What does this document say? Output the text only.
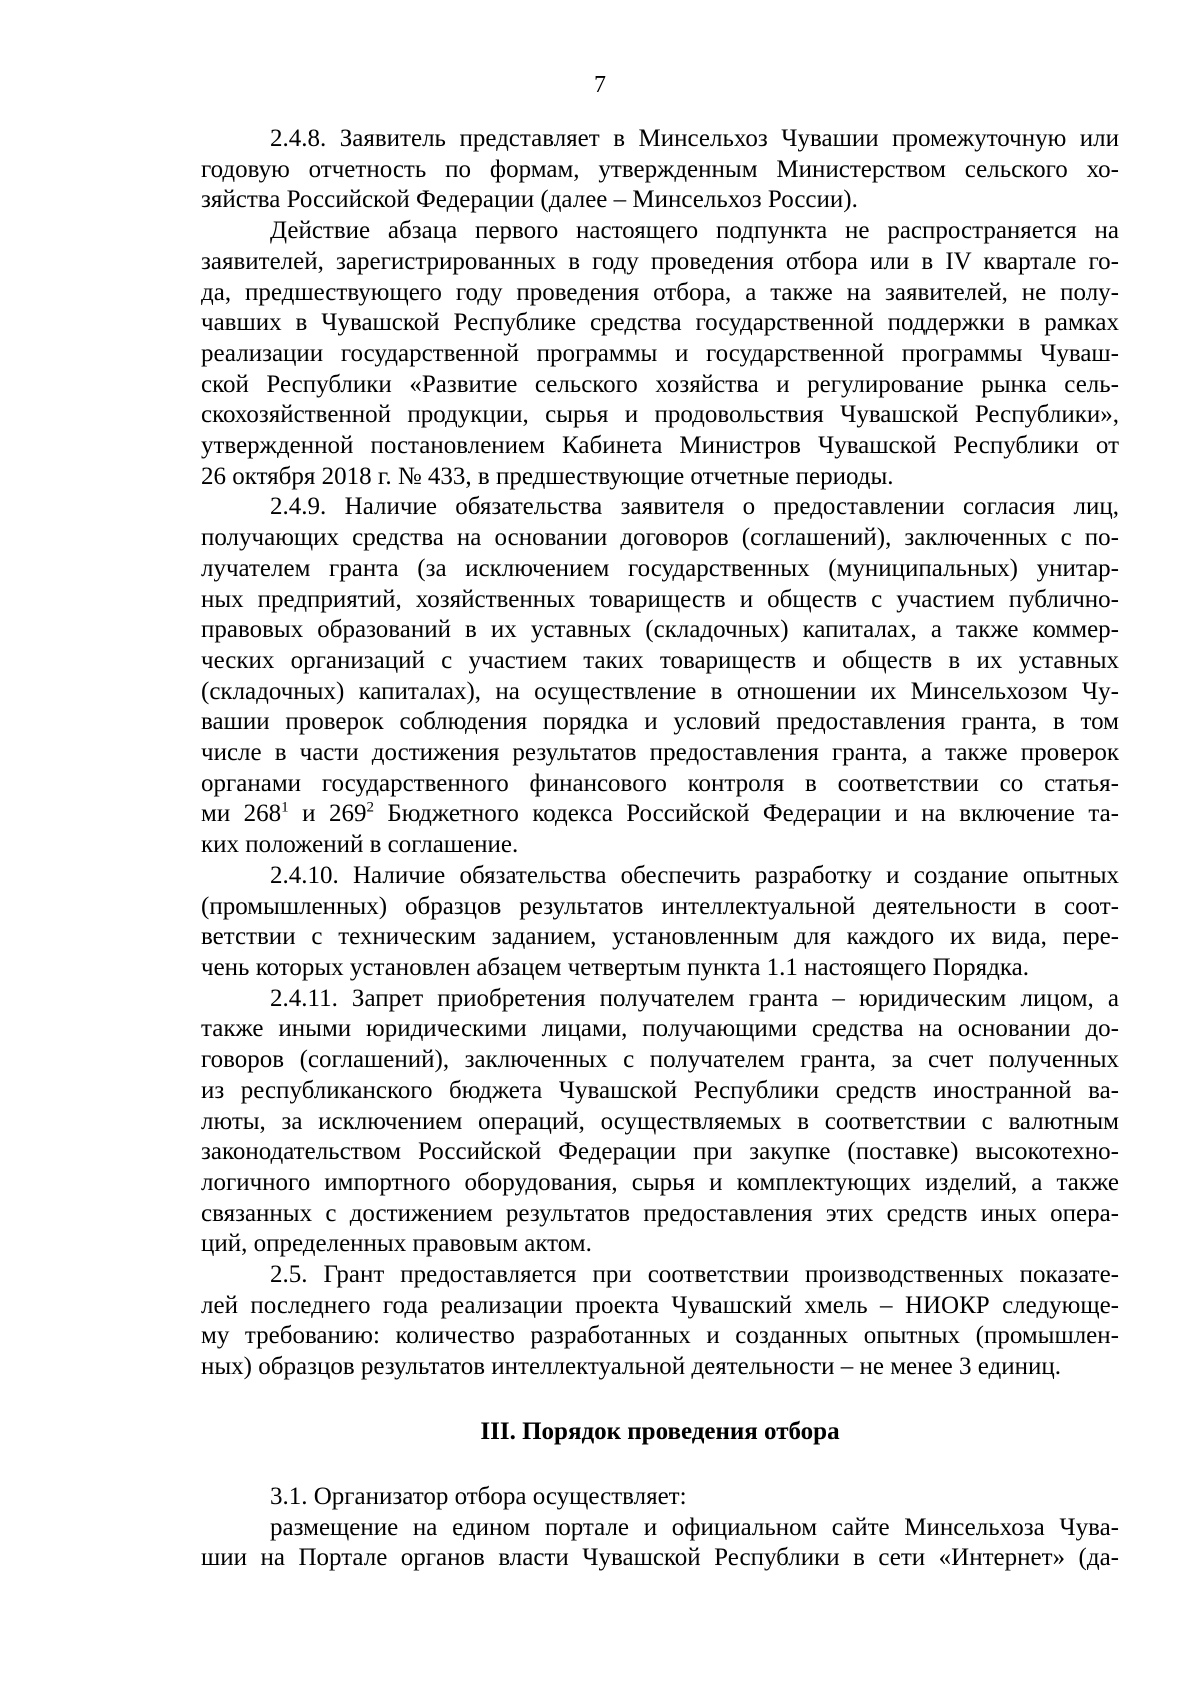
7

2.4.8. Заявитель представляет в Минсельхоз Чувашии промежуточную или
годовую отчетность по формам, утвержденным Министерством сельского хо-
зяйства Российской Федерации (далее – Минсельхоз России).

Действие абзаца первого настоящего подпункта не распространяется на
заявителей, зарегистрированных в году проведения отбора или в IV квартале го-
да, предшествующего году проведения отбора, а также на заявителей, не полу-
чавших в Чувашской Республике средства государственной поддержки в рамках
реализации государственной программы и государственной программы Чуваш-
ской Республики «Развитие сельского хозяйства и регулирование рынка сель-
скохозяйственной продукции, сырья и продовольствия Чувашской Республики»,
утвержденной постановлением Кабинета Министров Чувашской Республики от
26 октября 2018 г. № 433, в предшествующие отчетные периоды.

2.4.9. Наличие обязательства заявителя о предоставлении согласия лиц,
получающих средства на основании договоров (соглашений), заключенных с по-
лучателем гранта (за исключением государственных (муниципальных) унитар-
ных предприятий, хозяйственных товариществ и обществ с участием публично-
правовых образований в их уставных (складочных) капиталах, а также коммер-
ческих организаций с участием таких товариществ и обществ в их уставных
(складочных) капиталах), на осуществление в отношении их Минсельхозом Чу-
вашии проверок соблюдения порядка и условий предоставления гранта, в том
числе в части достижения результатов предоставления гранта, а также проверок
органами государственного финансового контроля в соответствии со статья-
ми $268^1$ и $269^2$ Бюджетного кодекса Российской Федерации и на включение та-
ких положений в соглашение.

2.4.10. Наличие обязательства обеспечить разработку и создание опытных
(промышленных) образцов результатов интеллектуальной деятельности в соот-
ветствии с техническим заданием, установленным для каждого их вида, пере-
чень которых установлен абзацем четвертым пункта 1.1 настоящего Порядка.

2.4.11. Запрет приобретения получателем гранта – юридическим лицом, а
также иными юридическими лицами, получающими средства на основании до-
говоров (соглашений), заключенных с получателем гранта, за счет полученных
из республиканского бюджета Чувашской Республики средств иностранной ва-
люты, за исключением операций, осуществляемых в соответствии с валютным
законодательством Российской Федерации при закупке (поставке) высокотехно-
логичного импортного оборудования, сырья и комплектующих изделий, а также
связанных с достижением результатов предоставления этих средств иных опера-
ций, определенных правовым актом.

2.5. Грант предоставляется при соответствии производственных показате-
лей последнего года реализации проекта Чувашский хмель – НИОКР следующе-
му требованию: количество разработанных и созданных опытных (промышлен-
ных) образцов результатов интеллектуальной деятельности – не менее 3 единиц.

III. Порядок проведения отбора

3.1. Организатор отбора осуществляет:

размещение на едином портале и официальном сайте Минсельхоза Чува-
шии на Портале органов власти Чувашской Республики в сети «Интернет» (да-
